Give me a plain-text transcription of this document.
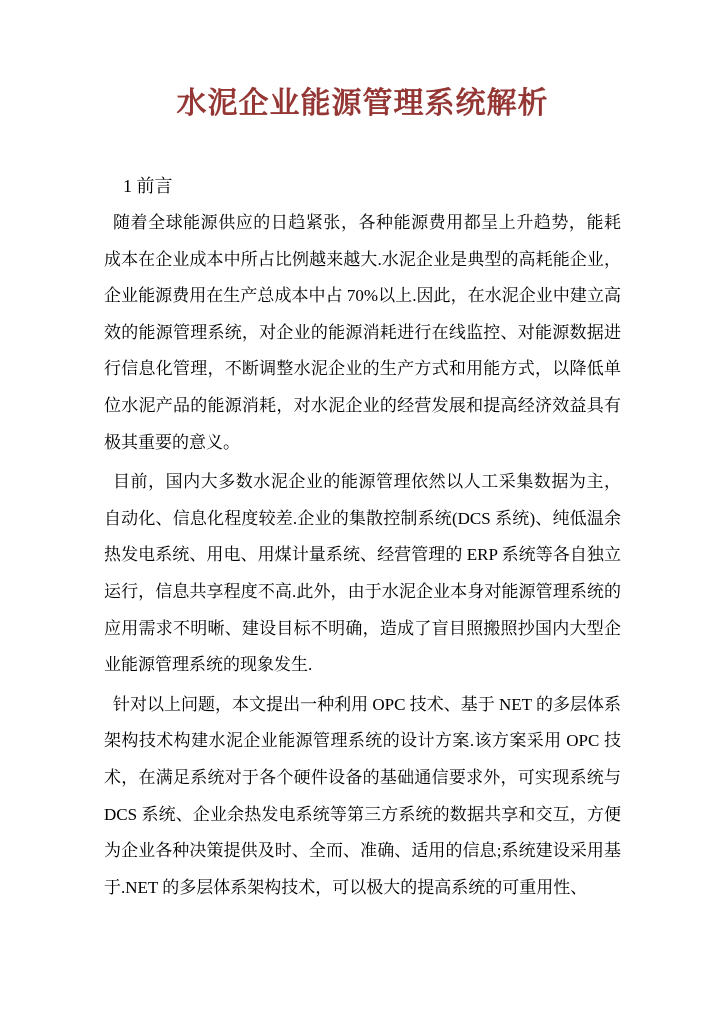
水泥企业能源管理系统解析
1 前言

随着全球能源供应的日趋紧张，各种能源费用都呈上升趋势，能耗成本在企业成本中所占比例越来越大.水泥企业是典型的高耗能企业，企业能源费用在生产总成本中占 70%以上.因此，在水泥企业中建立高效的能源管理系统，对企业的能源消耗进行在线监控、对能源数据进行信息化管理，不断调整水泥企业的生产方式和用能方式，以降低单位水泥产品的能源消耗，对水泥企业的经营发展和提高经济效益具有极其重要的意义。

目前，国内大多数水泥企业的能源管理依然以人工采集数据为主，自动化、信息化程度较差.企业的集散控制系统(DCS 系统)、纯低温余热发电系统、用电、用煤计量系统、经营管理的 ERP 系统等各自独立运行，信息共享程度不高.此外，由于水泥企业本身对能源管理系统的应用需求不明晰、建设目标不明确，造成了盲目照搬照抄国内大型企业能源管理系统的现象发生.

针对以上问题，本文提出一种利用 OPC 技术、基于 NET 的多层体系架构技术构建水泥企业能源管理系统的设计方案.该方案采用 OPC 技术，在满足系统对于各个硬件设备的基础通信要求外，可实现系统与 DCS 系统、企业余热发电系统等第三方系统的数据共享和交互，方便为企业各种决策提供及时、全而、准确、适用的信息;系统建设采用基于.NET 的多层体系架构技术，可以极大的提高系统的可重用性、
